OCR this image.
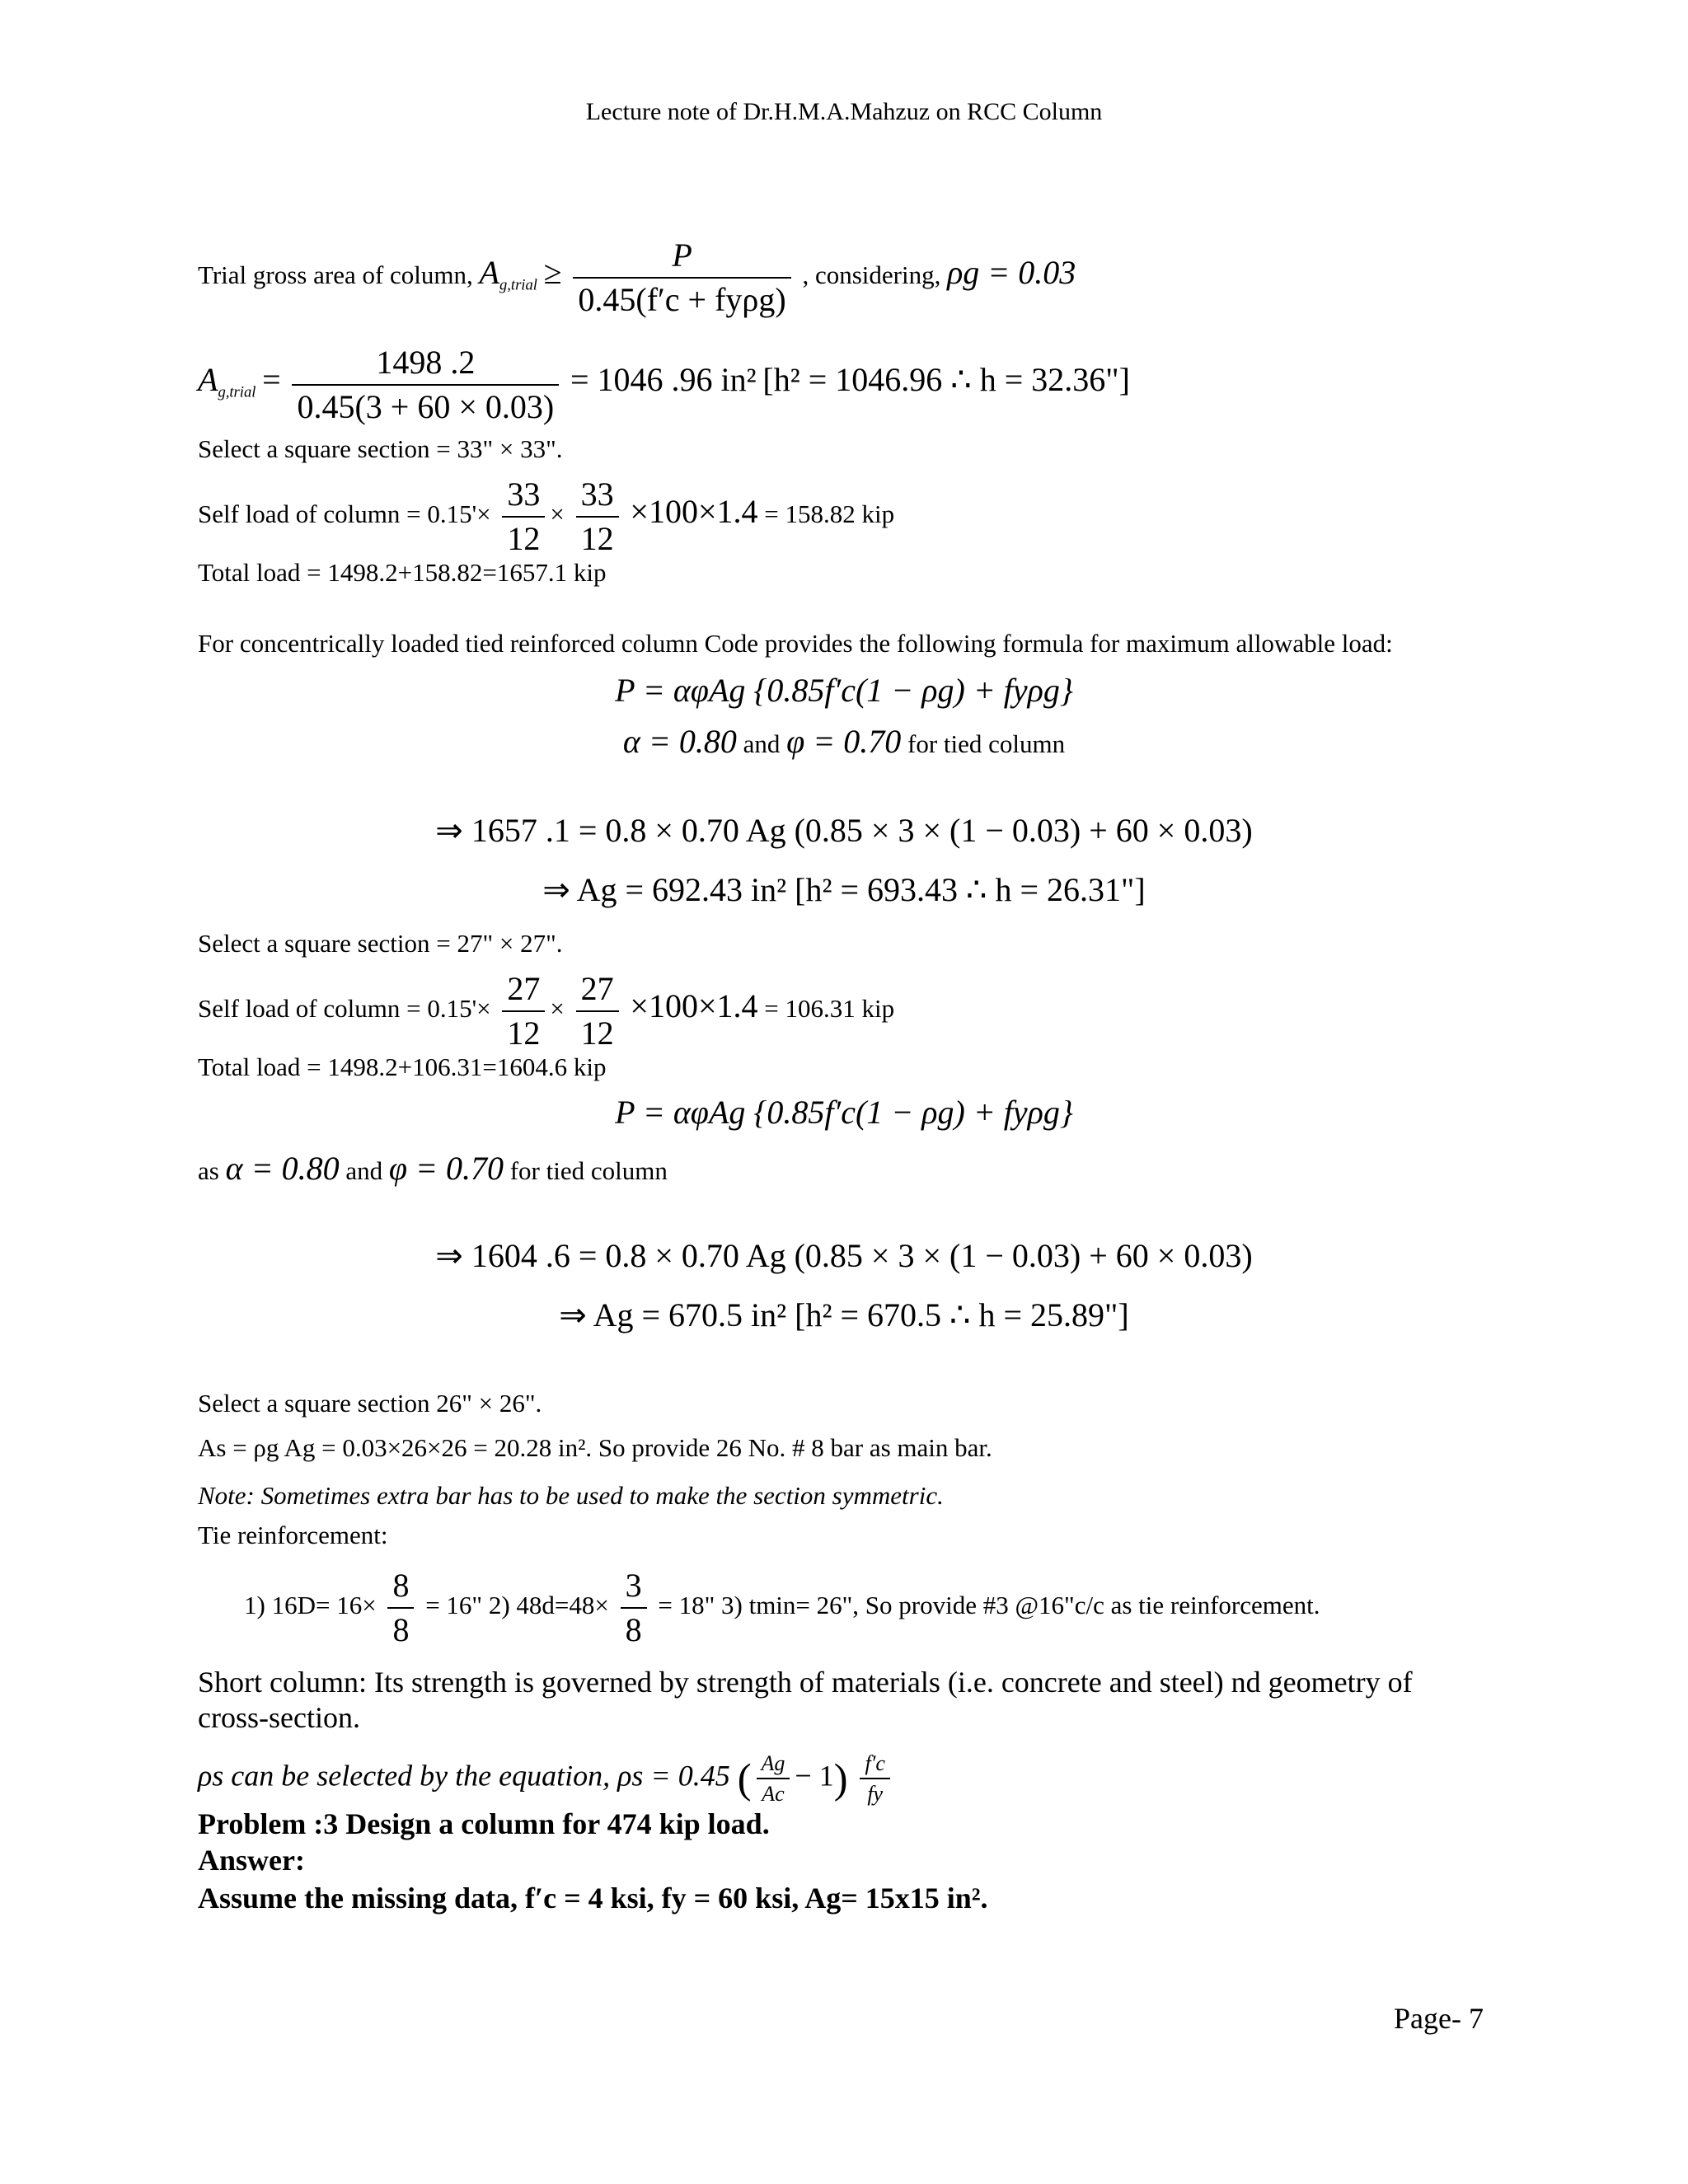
Lecture note of Dr.H.M.A.Mahzuz on RCC Column
Trial gross area of column, $A_{g,trial} \ge \frac{P}{\text{0.45(f′c + fyρg)}}$ , considering, ρg = 0.03
$A_{g,trial} = \frac{1498 .2}{0.45(3 + 60 \times 0.03)} = 1046$ .96 in² [h² = 1046.96 ∴ h = 32.36"]
Select a square section = 33" × 33".
Self load of column = $0.15'\times \frac{33}{12} \times \frac{33}{12} \times 100\times 1.4 = 158.82$ kip
Total load = 1498.2+158.82=1657.1 kip
For concentrically loaded tied reinforced column Code provides the following formula for maximum allowable load:
P = αφAg {0.85f′c(1 − ρg) + fyρg}
α = 0.80 and φ = 0.70 for tied column
⇒ 1657 .1 = 0.8 × 0.70 Ag (0.85 × 3 × (1 − 0.03) + 60 × 0.03)
⇒ Ag = 692.43 in² [h² = 693.43 ∴ h = 26.31"]
Select a square section = 27" × 27".
Self load of column = $0.15'\times \frac{27}{12} \times \frac{27}{12} \times 100\times 1.4 = 106.31$ kip
Total load = 1498.2+106.31=1604.6 kip
P = αφAg {0.85f′c(1 − ρg) + fyρg}
as α = 0.80 and φ = 0.70 for tied column
⇒ 1604 .6 = 0.8 × 0.70 Ag (0.85 × 3 × (1 − 0.03) + 60 × 0.03)
⇒ Ag = 670.5 in² [h² = 670.5 ∴ h = 25.89"]
Select a square section 26" × 26".
As = ρg Ag = 0.03×26×26 = 20.28 in². So provide 26 No. # 8 bar as main bar.
Note: Sometimes extra bar has to be used to make the section symmetric.
Tie reinforcement:
1) $16D= 16\times \frac{8}{8} = 16$" 2) $48d=48\times \frac{3}{8} = 18$" 3) tmin= 26", So provide #3 @16"c/c as tie reinforcement.
Short column: Its strength is governed by strength of materials (i.e. concrete and steel) nd geometry of cross-section.
ρs can be selected by the equation, ρs = 0.45 ( $\frac{Ag}{Ac} - 1) \frac{f'c}{fy}$
Problem :3 Design a column for 474 kip load.
Answer:
Assume the missing data, f′c = 4 ksi, fy = 60 ksi, Ag= 15x15 in².
Page- 7
